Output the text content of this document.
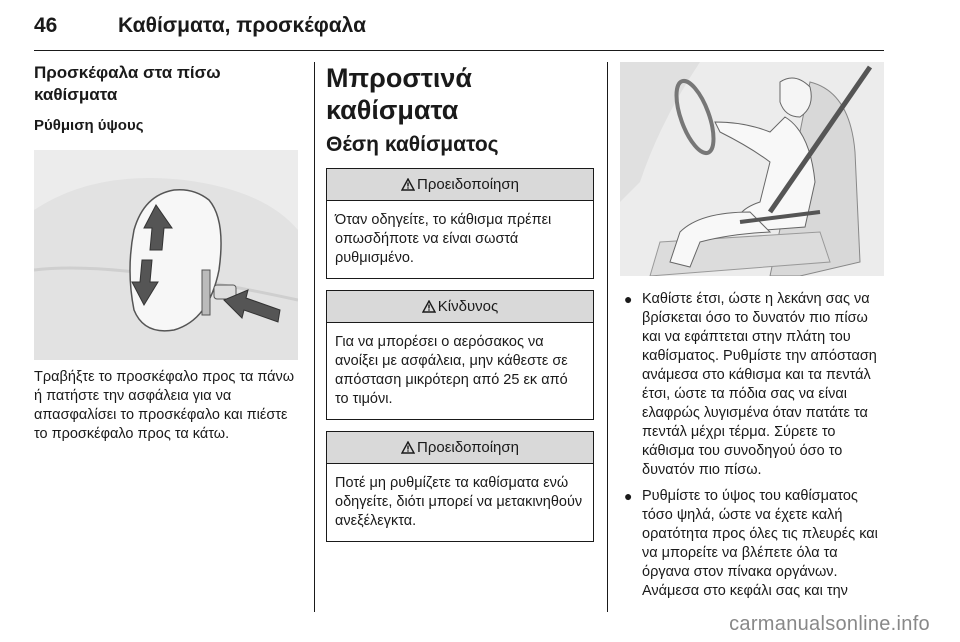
46	Καθίσματα, προσκέφαλα
Προσκέφαλα στα πίσω καθίσματα
Ρύθμιση ύψους

Τραβήξτε το προσκέφαλο προς τα πάνω ή πατήστε την ασφάλεια για να απασφαλίσει το προσκέφαλο και πιέστε το προσκέφαλο προς τα κάτω.

Μπροστινά καθίσματα
Θέση καθίσματος
Προειδοποίηση
Όταν οδηγείτε, το κάθισμα πρέπει οπωσδήποτε να είναι σωστά ρυθμισμένο.
Κίνδυνος
Για να μπορέσει ο αερόσακος να ανοίξει με ασφάλεια, μην κάθεστε σε απόσταση μικρότερη από 25 εκ από το τιμόνι.
Προειδοποίηση
Ποτέ μη ρυθμίζετε τα καθίσματα ενώ οδηγείτε, διότι μπορεί να μετακινηθούν ανεξέλεγκτα.
● Καθίστε έτσι, ώστε η λεκάνη σας να βρίσκεται όσο το δυνατόν πιο πίσω και να εφάπτεται στην πλάτη του καθίσματος. Ρυθμίστε την απόσταση ανάμεσα στο κάθισμα και τα πεντάλ έτσι, ώστε τα πόδια σας να είναι ελαφρώς λυγισμένα όταν πατάτε τα πεντάλ μέχρι τέρμα. Σύρετε το κάθισμα του συνοδηγού όσο το δυνατόν πιο πίσω.
● Ρυθμίστε το ύψος του καθίσματος τόσο ψηλά, ώστε να έχετε καλή ορατότητα προς όλες τις πλευρές και να μπορείτε να βλέπετε όλα τα όργανα στον πίνακα οργάνων. Ανάμεσα στο κεφάλι σας και την
carmanualsonline.info
